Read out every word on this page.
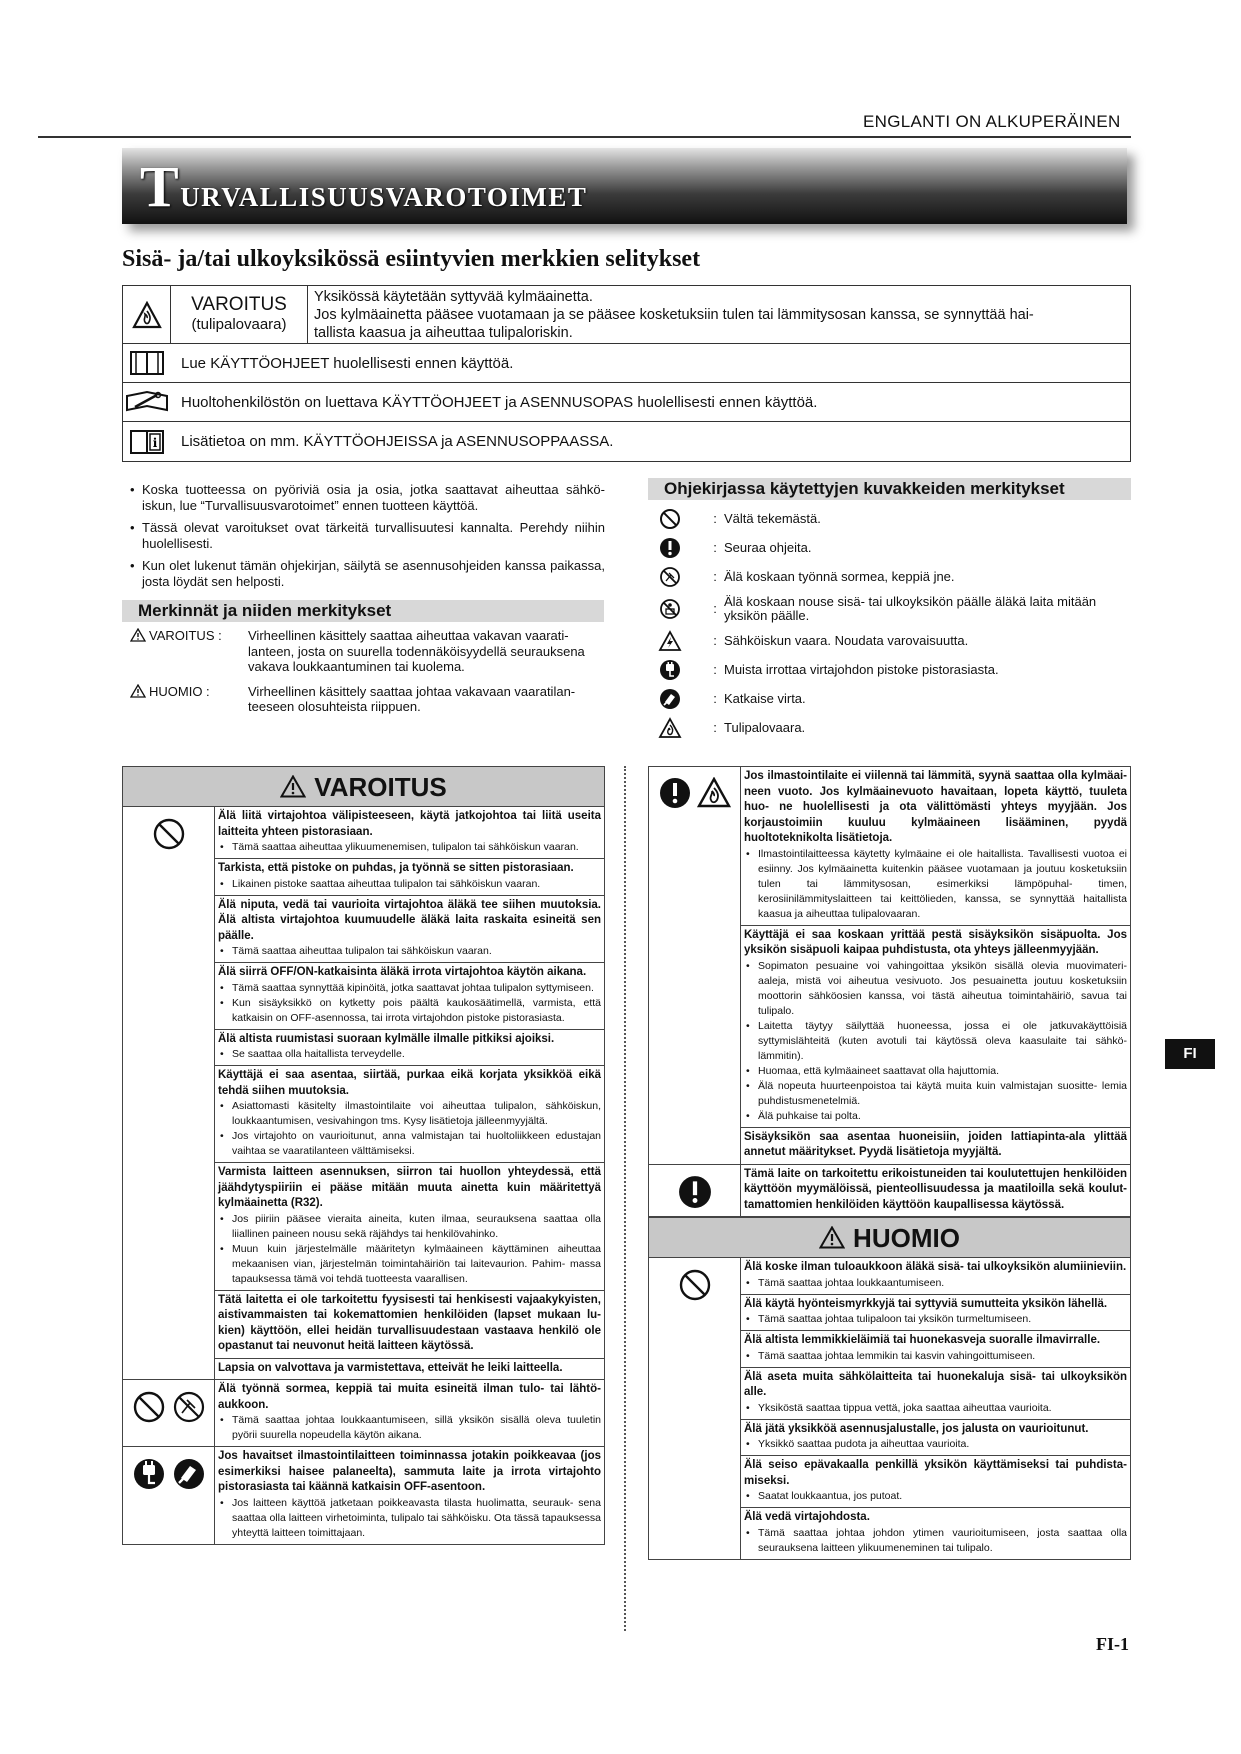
ENGLANTI ON ALKUPERÄINEN
TURVALLISUUSVAROTOIMET
Sisä- ja/tai ulkoyksikössä esiintyvien merkkien selitykset
VAROITUS
(tulipalovaara)
Yksikössä käytetään syttyvää kylmäainetta.
Jos kylmäainetta pääsee vuotamaan ja se pääsee kosketuksiin tulen tai lämmitysosan kanssa, se synnyttää hai-
tallista kaasua ja aiheuttaa tulipaloriskin.
Lue KÄYTTÖOHJEET huolellisesti ennen käyttöä.
Huoltohenkilöstön on luettava KÄYTTÖOHJEET ja ASENNUSOPAS huolellisesti ennen käyttöä.
i	Lisätietoa on mm. KÄYTTÖOHJEISSA ja ASENNUSOPPAASSA.
• Koska tuotteessa on pyöriviä osia ja osia, jotka saattavat aiheuttaa sähkö- iskun, lue “Turvallisuusvarotoimet” ennen tuotteen käyttöä.
• Tässä olevat varoitukset ovat tärkeitä turvallisuutesi kannalta. Perehdy niihin huolellisesti.
• Kun olet lukenut tämän ohjekirjan, säilytä se asennusohjeiden kanssa paikassa, josta löydät sen helposti.
Merkinnät ja niiden merkitykset
VAROITUS : Virheellinen käsittely saattaa aiheuttaa vakavan vaarati- lanteen, josta on suurella todennäköisyydellä seurauksena vakava loukkaantuminen tai kuolema.
HUOMIO :	Virheellinen käsittely saattaa johtaa vakavaan vaaratilan- teeseen olosuhteista riippuen.
Ohjekirjassa käytettyjen kuvakkeiden merkitykset
: Vältä tekemästä.
: Seuraa ohjeita.
: Älä koskaan työnnä sormea, keppiä jne.
: Älä koskaan nouse sisä- tai ulkoyksikön päälle äläkä laita mitään yksikön päälle.
: Sähköiskun vaara. Noudata varovaisuutta.
: Muista irrottaa virtajohdon pistoke pistorasiasta.
: Katkaise virta.
: Tulipalovaara.
VAROITUS
Älä liitä virtajohtoa välipisteeseen, käytä jatkojohtoa tai liitä useita laitteita yhteen pistorasiaan.
• Tämä saattaa aiheuttaa ylikuumenemisen, tulipalon tai sähköiskun vaaran.
Tarkista, että pistoke on puhdas, ja työnnä se sitten pistorasiaan.
• Likainen pistoke saattaa aiheuttaa tulipalon tai sähköiskun vaaran.
Älä niputa, vedä tai vaurioita virtajohtoa äläkä tee siihen muutoksia. Älä altista virtajohtoa kuumuudelle äläkä laita raskaita esineitä sen päälle.
• Tämä saattaa aiheuttaa tulipalon tai sähköiskun vaaran.
Älä siirrä OFF/ON-katkaisinta äläkä irrota virtajohtoa käytön aikana.
• Tämä saattaa synnyttää kipinöitä, jotka saattavat johtaa tulipalon syttymiseen.
• Kun sisäyksikkö on kytketty pois päältä kaukosäätimellä, varmista, että katkaisin on OFF-asennossa, tai irrota virtajohdon pistoke pistorasiasta.
Älä altista ruumistasi suoraan kylmälle ilmalle pitkiksi ajoiksi.
• Se saattaa olla haitallista terveydelle.
Käyttäjä ei saa asentaa, siirtää, purkaa eikä korjata yksikköä eikä tehdä siihen muutoksia.
• Asiattomasti käsitelty ilmastointilaite voi aiheuttaa tulipalon, sähköiskun, loukkaantumisen, vesivahingon tms. Kysy lisätietoja jälleenmyyjältä.
• Jos virtajohto on vaurioitunut, anna valmistajan tai huoltoliikkeen edustajan vaihtaa se vaaratilanteen välttämiseksi.
Varmista laitteen asennuksen, siirron tai huollon yhteydessä, että jäähdytyspiiriin ei pääse mitään muuta ainetta kuin määritettyä kylmäainetta (R32).
• Jos piiriin pääsee vieraita aineita, kuten ilmaa, seurauksena saattaa olla liiallinen paineen nousu sekä räjähdys tai henkilövahinko.
• Muun kuin järjestelmälle määritetyn kylmäaineen käyttäminen aiheuttaa mekaanisen vian, järjestelmän toimintahäiriön tai laitevaurion. Pahim- massa tapauksessa tämä voi tehdä tuotteesta vaarallisen.
Tätä laitetta ei ole tarkoitettu fyysisesti tai henkisesti vajaakykyisten, aistivammaisten tai kokemattomien henkilöiden (lapset mukaan lu- kien) käyttöön, ellei heidän turvallisuudestaan vastaava henkilö ole opastanut tai neuvonut heitä laitteen käytössä.
Lapsia on valvottava ja varmistettava, etteivät he leiki laitteella.
Älä työnnä sormea, keppiä tai muita esineitä ilman tulo- tai lähtö- aukkoon.
• Tämä saattaa johtaa loukkaantumiseen, sillä yksikön sisällä oleva tuuletin pyörii suurella nopeudella käytön aikana.
Jos havaitset ilmastointilaitteen toiminnassa jotakin poikkeavaa (jos esimerkiksi haisee palaneelta), sammuta laite ja irrota virtajohto pistorasiasta tai käännä katkaisin OFF-asentoon.
• Jos laitteen käyttöä jatketaan poikkeavasta tilasta huolimatta, seurauk- sena saattaa olla laitteen virhetoiminta, tulipalo tai sähköisku. Ota tässä tapauksessa yhteyttä laitteen toimittajaan.
Jos ilmastointilaite ei viilennä tai lämmitä, syynä saattaa olla kylmäai- neen vuoto. Jos kylmäainevuoto havaitaan, lopeta käyttö, tuuleta huo- ne huolellisesti ja ota välittömästi yhteys myyjään. Jos korjaustoimiin kuuluu kylmäaineen lisääminen, pyydä huoltoteknikolta lisätietoja.
• Ilmastointilaitteessa käytetty kylmäaine ei ole haitallista. Tavallisesti vuotoa ei esiinny. Jos kylmäainetta kuitenkin pääsee vuotamaan ja joutuu kosketuksiin tulen tai lämmitysosan, esimerkiksi lämpöpuhal- timen, kerosiinilämmityslaitteen tai keittölieden, kanssa, se synnyttää haitallista kaasua ja aiheuttaa tulipalovaaran.
Käyttäjä ei saa koskaan yrittää pestä sisäyksikön sisäpuolta. Jos yksikön sisäpuoli kaipaa puhdistusta, ota yhteys jälleenmyyjään.
• Sopimaton pesuaine voi vahingoittaa yksikön sisällä olevia muovimateri- aaleja, mistä voi aiheutua vesivuoto. Jos pesuainetta joutuu kosketuksiin moottorin sähköosien kanssa, voi tästä aiheutua toimintahäiriö, savua tai tulipalo.
• Laitetta täytyy säilyttää huoneessa, jossa ei ole jatkuvakäyttöisiä syttymislähteitä (kuten avotuli tai käytössä oleva kaasulaite tai sähkö- lämmitin).
• Huomaa, että kylmäaineet saattavat olla hajuttomia.
• Älä nopeuta huurteenpoistoa tai käytä muita kuin valmistajan suositte- lemia puhdistusmenetelmiä.
• Älä puhkaise tai polta.
Sisäyksikön saa asentaa huoneisiin, joiden lattiapinta-ala ylittää annetut määritykset. Pyydä lisätietoja myyjältä.
Tämä laite on tarkoitettu erikoistuneiden tai koulutettujen henkilöiden käyttöön myymälöissä, pienteollisuudessa ja maatiloilla sekä koulut- tamattomien henkilöiden käyttöön kaupallisessa käytössä.
HUOMIO
Älä koske ilman tuloaukkoon äläkä sisä- tai ulkoyksikön alumiinieviin.
• Tämä saattaa johtaa loukkaantumiseen.
Älä käytä hyönteismyrkkyjä tai syttyviä sumutteita yksikön lähellä.
• Tämä saattaa johtaa tulipaloon tai yksikön turmeltumiseen.
Älä altista lemmikkieläimiä tai huonekasveja suoralle ilmavirralle.
• Tämä saattaa johtaa lemmikin tai kasvin vahingoittumiseen.
Älä aseta muita sähkölaitteita tai huonekaluja sisä- tai ulkoyksikön alle.
• Yksiköstä saattaa tippua vettä, joka saattaa aiheuttaa vaurioita.
Älä jätä yksikköä asennusjalustalle, jos jalusta on vaurioitunut.
• Yksikkö saattaa pudota ja aiheuttaa vaurioita.
Älä seiso epävakaalla penkillä yksikön käyttämiseksi tai puhdista- miseksi.
• Saatat loukkaantua, jos putoat.
Älä vedä virtajohdosta.
• Tämä saattaa johtaa johdon ytimen vaurioitumiseen, josta saattaa olla seurauksena laitteen ylikuumeneminen tai tulipalo.
FI
FI-1
